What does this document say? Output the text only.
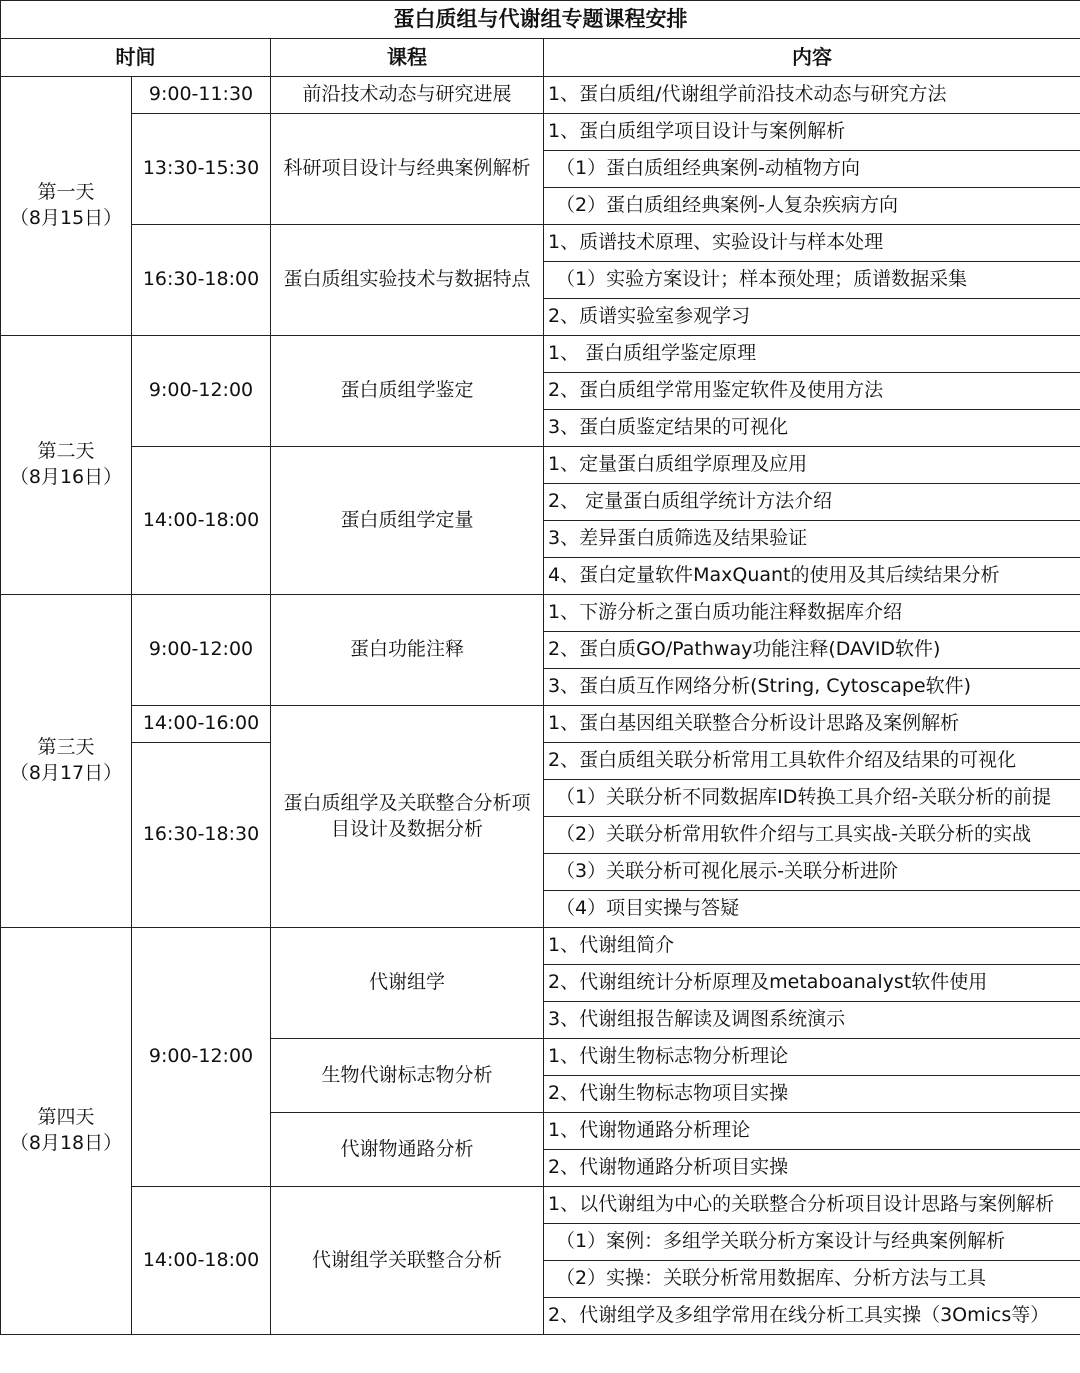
蛋白质组与代谢组专题课程安排			
时间		课程	内容

第一天
（8月15日）	9:00-11:30	前沿技术动态与研究进展	1、蛋白质组/代谢组学前沿技术动态与研究方法
	13:30-15:30	科研项目设计与经典案例解析	1、蛋白质组学项目设计与案例解析
			（1）蛋白质组经典案例-动植物方向
			（2）蛋白质组经典案例-人复杂疾病方向
	16:30-18:00	蛋白质组实验技术与数据特点	1、质谱技术原理、实验设计与样本处理
			（1）实验方案设计；样本预处理；质谱数据采集
			2、质谱实验室参观学习

第二天
（8月16日）	9:00-12:00	蛋白质组学鉴定	1、 蛋白质组学鉴定原理
			2、蛋白质组学常用鉴定软件及使用方法
			3、蛋白质鉴定结果的可视化
	14:00-18:00	蛋白质组学定量	1、定量蛋白质组学原理及应用
			2、 定量蛋白质组学统计方法介绍
			3、差异蛋白质筛选及结果验证
			4、蛋白定量软件MaxQuant的使用及其后续结果分析

第三天
（8月17日）	9:00-12:00	蛋白功能注释	1、下游分析之蛋白质功能注释数据库介绍
			2、蛋白质GO/Pathway功能注释(DAVID软件)
			3、蛋白质互作网络分析(String, Cytoscape软件)
	14:00-16:00	蛋白质组学及关联整合分析项目设计及数据分析	1、蛋白基因组关联整合分析设计思路及案例解析
	16:30-18:30		2、蛋白质组关联分析常用工具软件介绍及结果的可视化
			（1）关联分析不同数据库ID转换工具介绍-关联分析的前提
			（2）关联分析常用软件介绍与工具实战-关联分析的实战
			（3）关联分析可视化展示-关联分析进阶
			（4）项目实操与答疑

第四天
（8月18日）	9:00-12:00	代谢组学	1、代谢组简介
			2、代谢组统计分析原理及metaboanalyst软件使用
			3、代谢组报告解读及调图系统演示
		生物代谢标志物分析	1、代谢生物标志物分析理论
			2、代谢生物标志物项目实操
		代谢物通路分析	1、代谢物通路分析理论
			2、代谢物通路分析项目实操
	14:00-18:00	代谢组学关联整合分析	1、以代谢组为中心的关联整合分析项目设计思路与案例解析
			（1）案例：多组学关联分析方案设计与经典案例解析
			（2）实操：关联分析常用数据库、分析方法与工具
			2、代谢组学及多组学常用在线分析工具实操（3Omics等）
